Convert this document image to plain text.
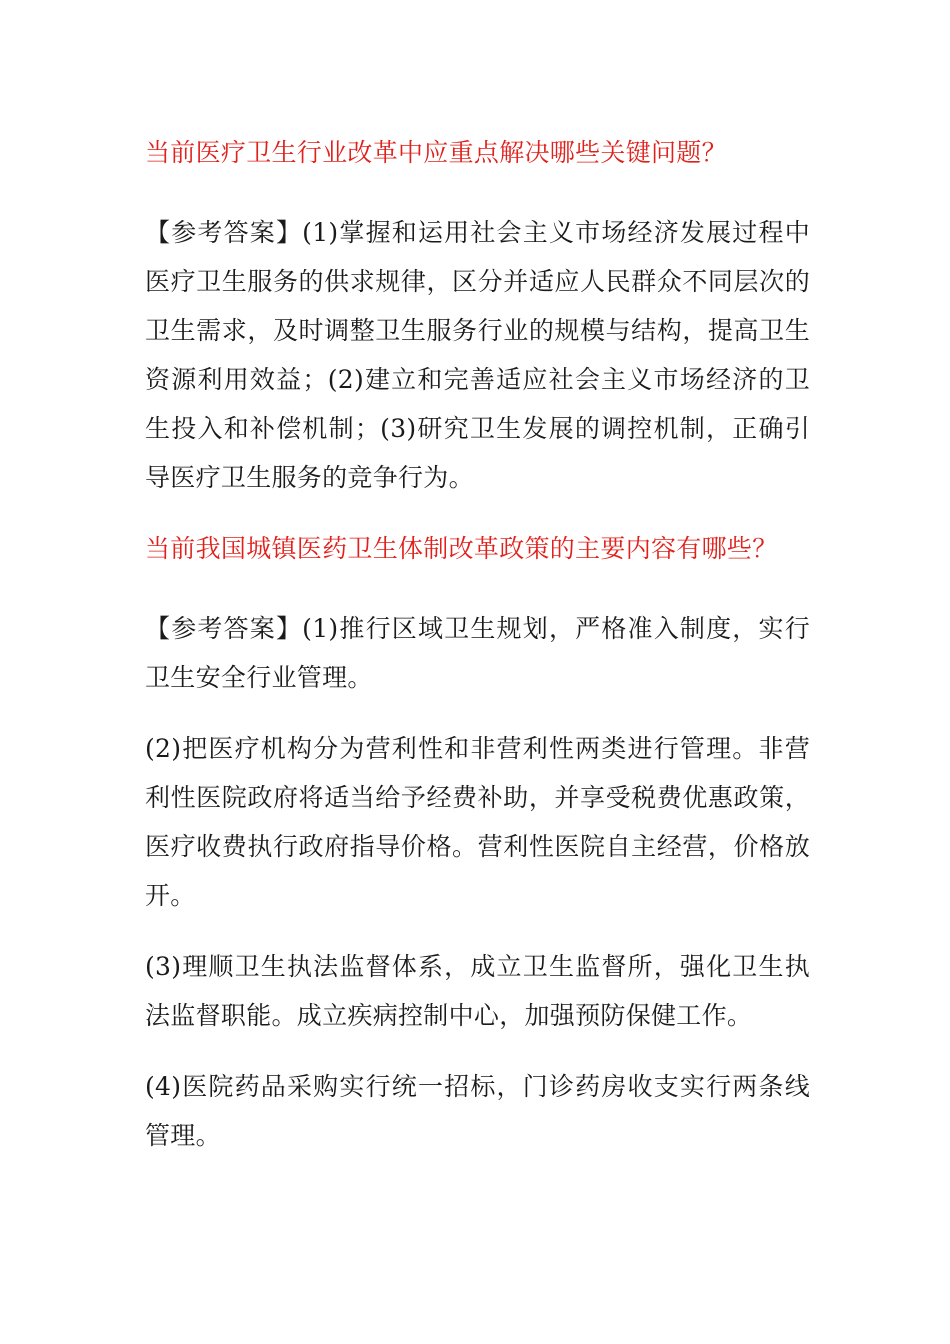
当前医疗卫生行业改革中应重点解决哪些关键问题？

【参考答案】(1)掌握和运用社会主义市场经济发展过程中医疗卫生服务的供求规律，区分并适应人民群众不同层次的卫生需求，及时调整卫生服务行业的规模与结构，提高卫生资源利用效益；(2)建立和完善适应社会主义市场经济的卫生投入和补偿机制；(3)研究卫生发展的调控机制，正确引导医疗卫生服务的竞争行为。

当前我国城镇医药卫生体制改革政策的主要内容有哪些？

【参考答案】(1)推行区域卫生规划，严格准入制度，实行卫生安全行业管理。

(2)把医疗机构分为营利性和非营利性两类进行管理。非营利性医院政府将适当给予经费补助，并享受税费优惠政策，医疗收费执行政府指导价格。营利性医院自主经营，价格放开。

(3)理顺卫生执法监督体系，成立卫生监督所，强化卫生执法监督职能。成立疾病控制中心，加强预防保健工作。

(4)医院药品采购实行统一招标，门诊药房收支实行两条线管理。
